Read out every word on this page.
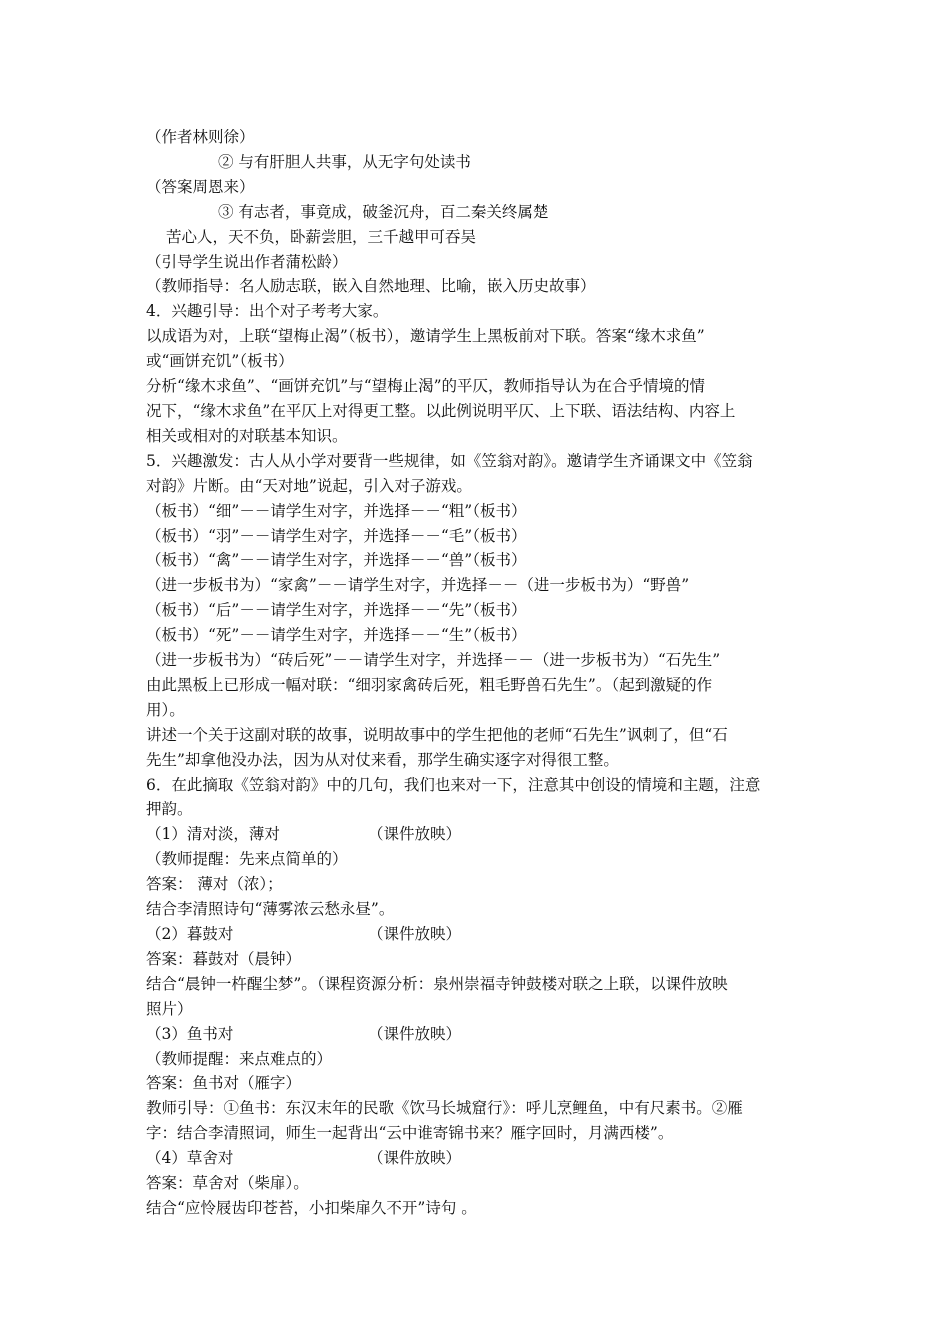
（作者林则徐）

② 与有肝胆人共事，从无字句处读书

（答案周恩来）

③ 有志者，事竟成，破釜沉舟，百二秦关终属楚

苦心人，天不负，卧薪尝胆，三千越甲可吞吴

（引导学生说出作者蒲松龄）

（教师指导：名人励志联，嵌入自然地理、比喻，嵌入历史故事）

4．兴趣引导：出个对子考考大家。

以成语为对，上联“望梅止渴”（板书），邀请学生上黑板前对下联。答案“缘木求鱼”

或“画饼充饥”（板书）

分析“缘木求鱼”、“画饼充饥”与“望梅止渴”的平仄，教师指导认为在合乎情境的情

况下，“缘木求鱼”在平仄上对得更工整。以此例说明平仄、上下联、语法结构、内容上

相关或相对的对联基本知识。

5．兴趣激发：古人从小学对要背一些规律，如《笠翁对韵》。邀请学生齐诵课文中《笠翁

对韵》片断。由“天对地”说起，引入对子游戏。

（板书）“细”－－请学生对字，并选择－－“粗”（板书）

（板书）“羽”－－请学生对字，并选择－－“毛”（板书）

（板书）“禽”－－请学生对字，并选择－－“兽”（板书）

（进一步板书为）“家禽”－－请学生对字，并选择－－（进一步板书为）“野兽”

（板书）“后”－－请学生对字，并选择－－“先”（板书）

（板书）“死”－－请学生对字，并选择－－“生”（板书）

（进一步板书为）“砖后死”－－请学生对字，并选择－－（进一步板书为）“石先生”

由此黑板上已形成一幅对联：“细羽家禽砖后死，粗毛野兽石先生”。（起到激疑的作

用）。

讲述一个关于这副对联的故事，说明故事中的学生把他的老师“石先生”讽刺了，但“石

先生”却拿他没办法，因为从对仗来看，那学生确实逐字对得很工整。

6．在此摘取《笠翁对韵》中的几句，我们也来对一下，注意其中创设的情境和主题，注意

押韵。

（1）清对淡，薄对	（课件放映）

（教师提醒：先来点简单的）

答案： 薄对（浓）；

结合李清照诗句“薄雾浓云愁永昼”。

（2）暮鼓对	（课件放映）

答案：暮鼓对（晨钟）

结合“晨钟一杵醒尘梦”。（课程资源分析：泉州崇福寺钟鼓楼对联之上联，以课件放映

照片）

（3）鱼书对	（课件放映）

（教师提醒：来点难点的）

答案：鱼书对（雁字）

教师引导：①鱼书：东汉末年的民歌《饮马长城窟行》：呼儿烹鲤鱼，中有尺素书。②雁

字：结合李清照词，师生一起背出“云中谁寄锦书来？雁字回时，月满西楼”。

（4）草舍对	（课件放映）

答案：草舍对（柴扉）。

结合“应怜屐齿印苍苔，小扣柴扉久不开”诗句 。
